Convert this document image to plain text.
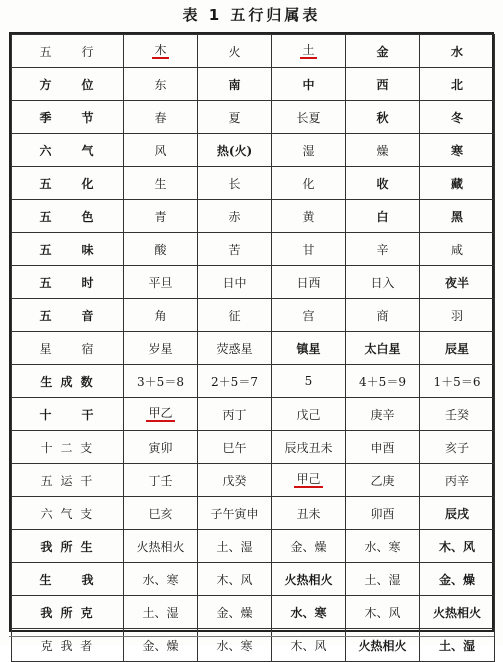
表 1 五行归属表
五　　行	木	火	土	金	水
方　　位	东	南	中	西	北
季　　节	春	夏	长夏	秋	冬
六　　气	风	热(火)	湿	燥	寒
五　　化	生	长	化	收	藏
五　　色	青	赤	黄	白	黑
五　　味	酸	苦	甘	辛	咸
五　　时	平旦	日中	日西	日入	夜半
五　　音	角	征	宫	商	羽
星　　宿	岁星	荧惑星	镇星	太白星	辰星
生 成 数	3＋5＝8	2＋5＝7	5	4＋5＝9	1＋5＝6
十　　干	甲乙	丙丁	戊己	庚辛	壬癸
十 二 支	寅卯	巳午	辰戌丑未	申酉	亥子
五 运 干	丁壬	戊癸	甲己	乙庚	丙辛
六 气 支	巳亥	子午寅申	丑未	卯酉	辰戌
我 所 生	火热相火	土、湿	金、燥	水、寒	木、风
生　　我	水、寒	木、风	火热相火	土、湿	金、燥
我 所 克	土、湿	金、燥	水、寒	木、风	火热相火
克 我 者	金、燥	水、寒	木、风	火热相火	土、湿
